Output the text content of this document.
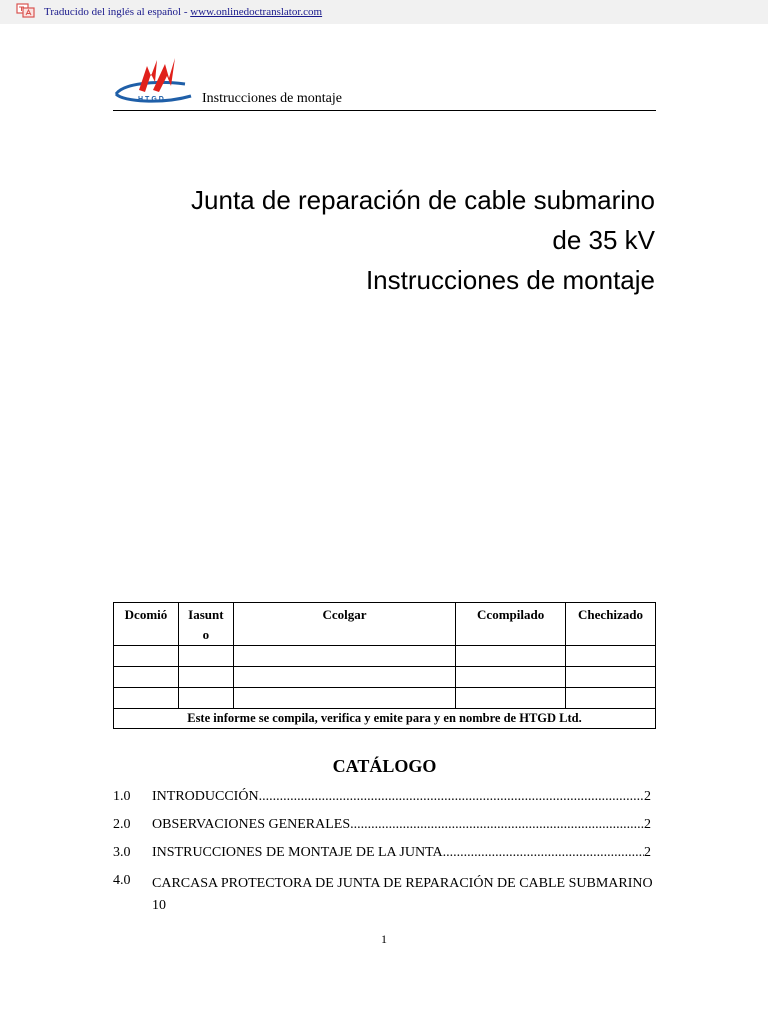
Traducido del inglés al español - www.onlinedoctranslator.com
HTGD	Instrucciones de montaje
Junta de reparación de cable submarino
de 35 kV
Instrucciones de montaje
Dcomió	Iasunt o	Ccolgar	Ccompilado	Chechizado

Este informe se compila, verifica y emite para y en nombre de HTGD Ltd.				
CATÁLOGO
1.0 INTRODUCCIÓN .....	2
2.0 OBSERVACIONES GENERALES .....	2
3.0 INSTRUCCIONES DE MONTAJE DE LA JUNTA .....	2
4.0 CARCASA PROTECTORA DE JUNTA DE REPARACIÓN DE CABLE SUBMARINO 10
1
